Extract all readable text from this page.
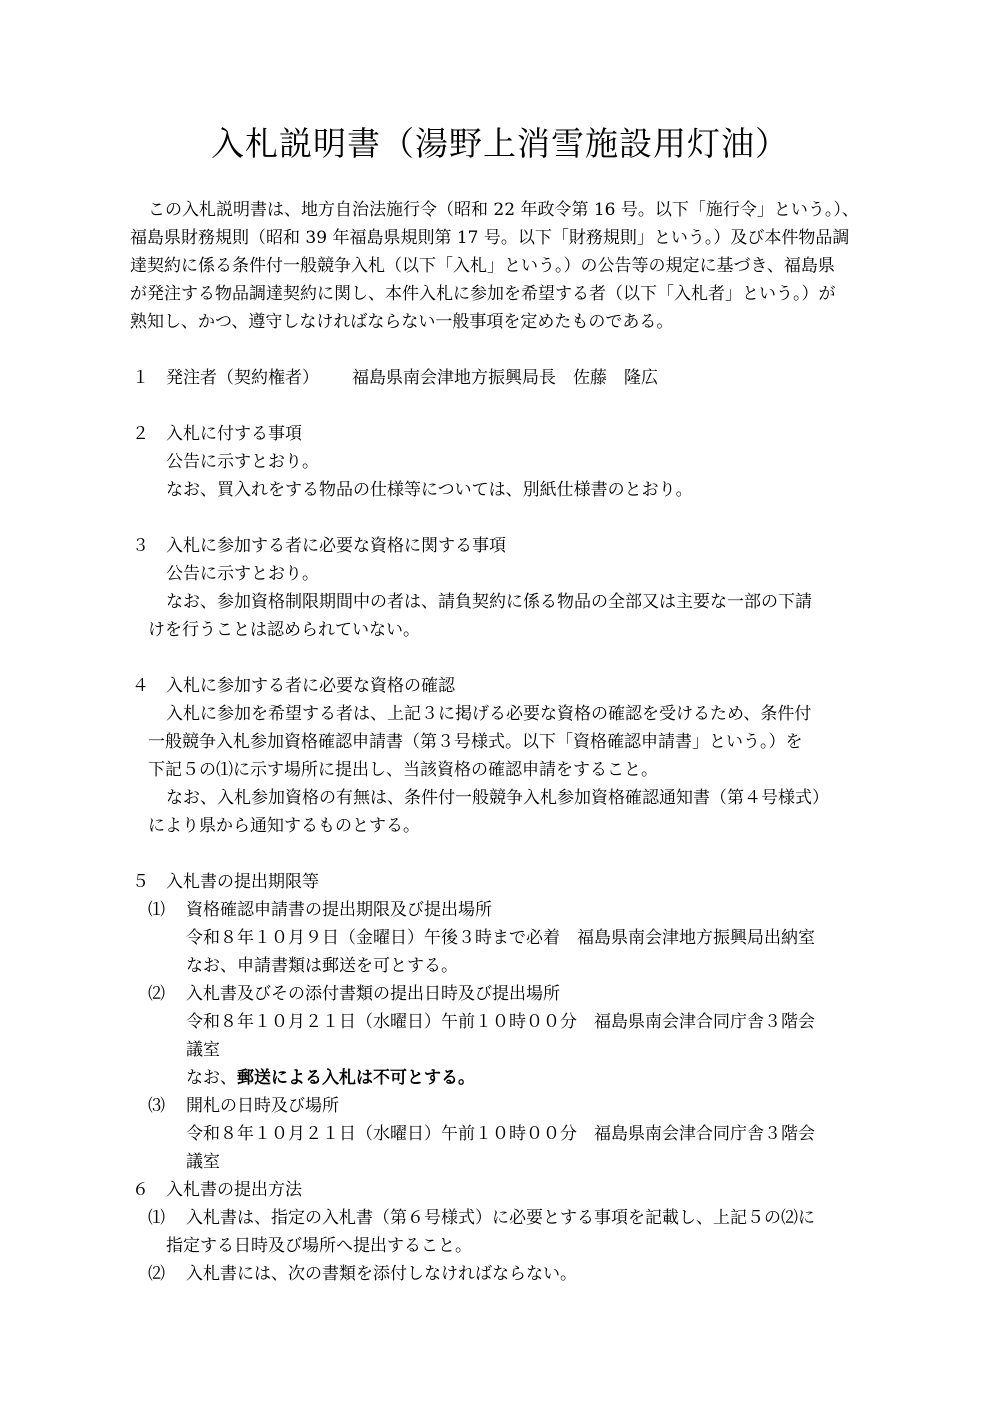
入札説明書（湯野上消雪施設用灯油）
この入札説明書は、地方自治法施行令（昭和 22 年政令第 16 号。以下「施行令」という。）、
福島県財務規則（昭和 39 年福島県規則第 17 号。以下「財務規則」という。）及び本件物品調
達契約に係る条件付一般競争入札（以下「入札」という。）の公告等の規定に基づき、福島県
が発注する物品調達契約に関し、本件入札に参加を希望する者（以下「入札者」という。）が
熟知し、かつ、遵守しなければならない一般事項を定めたものである。
１ 発注者（契約権者） 福島県南会津地方振興局長　佐藤　隆広
２ 入札に付する事項
公告に示すとおり。
なお、買入れをする物品の仕様等については、別紙仕様書のとおり。
３ 入札に参加する者に必要な資格に関する事項
公告に示すとおり。
なお、参加資格制限期間中の者は、請負契約に係る物品の全部又は主要な一部の下請
けを行うことは認められていない。
４ 入札に参加する者に必要な資格の確認
入札に参加を希望する者は、上記３に掲げる必要な資格の確認を受けるため、条件付
一般競争入札参加資格確認申請書（第３号様式。以下「資格確認申請書」という。）を
下記５の⑴に示す場所に提出し、当該資格の確認申請をすること。
なお、入札参加資格の有無は、条件付一般競争入札参加資格確認通知書（第４号様式）
により県から通知するものとする。
５ 入札書の提出期限等
⑴ 資格確認申請書の提出期限及び提出場所
令和８年１０月９日（金曜日）午後３時まで必着　福島県南会津地方振興局出納室
なお、申請書類は郵送を可とする。
⑵ 入札書及びその添付書類の提出日時及び提出場所
令和８年１０月２１日（水曜日）午前１０時００分　福島県南会津合同庁舎３階会
議室
なお、郵送による入札は不可とする。
⑶ 開札の日時及び場所
令和８年１０月２１日（水曜日）午前１０時００分　福島県南会津合同庁舎３階会
議室
６ 入札書の提出方法
⑴ 入札書は、指定の入札書（第６号様式）に必要とする事項を記載し、上記５の⑵に
指定する日時及び場所へ提出すること。
⑵ 入札書には、次の書類を添付しなければならない。
